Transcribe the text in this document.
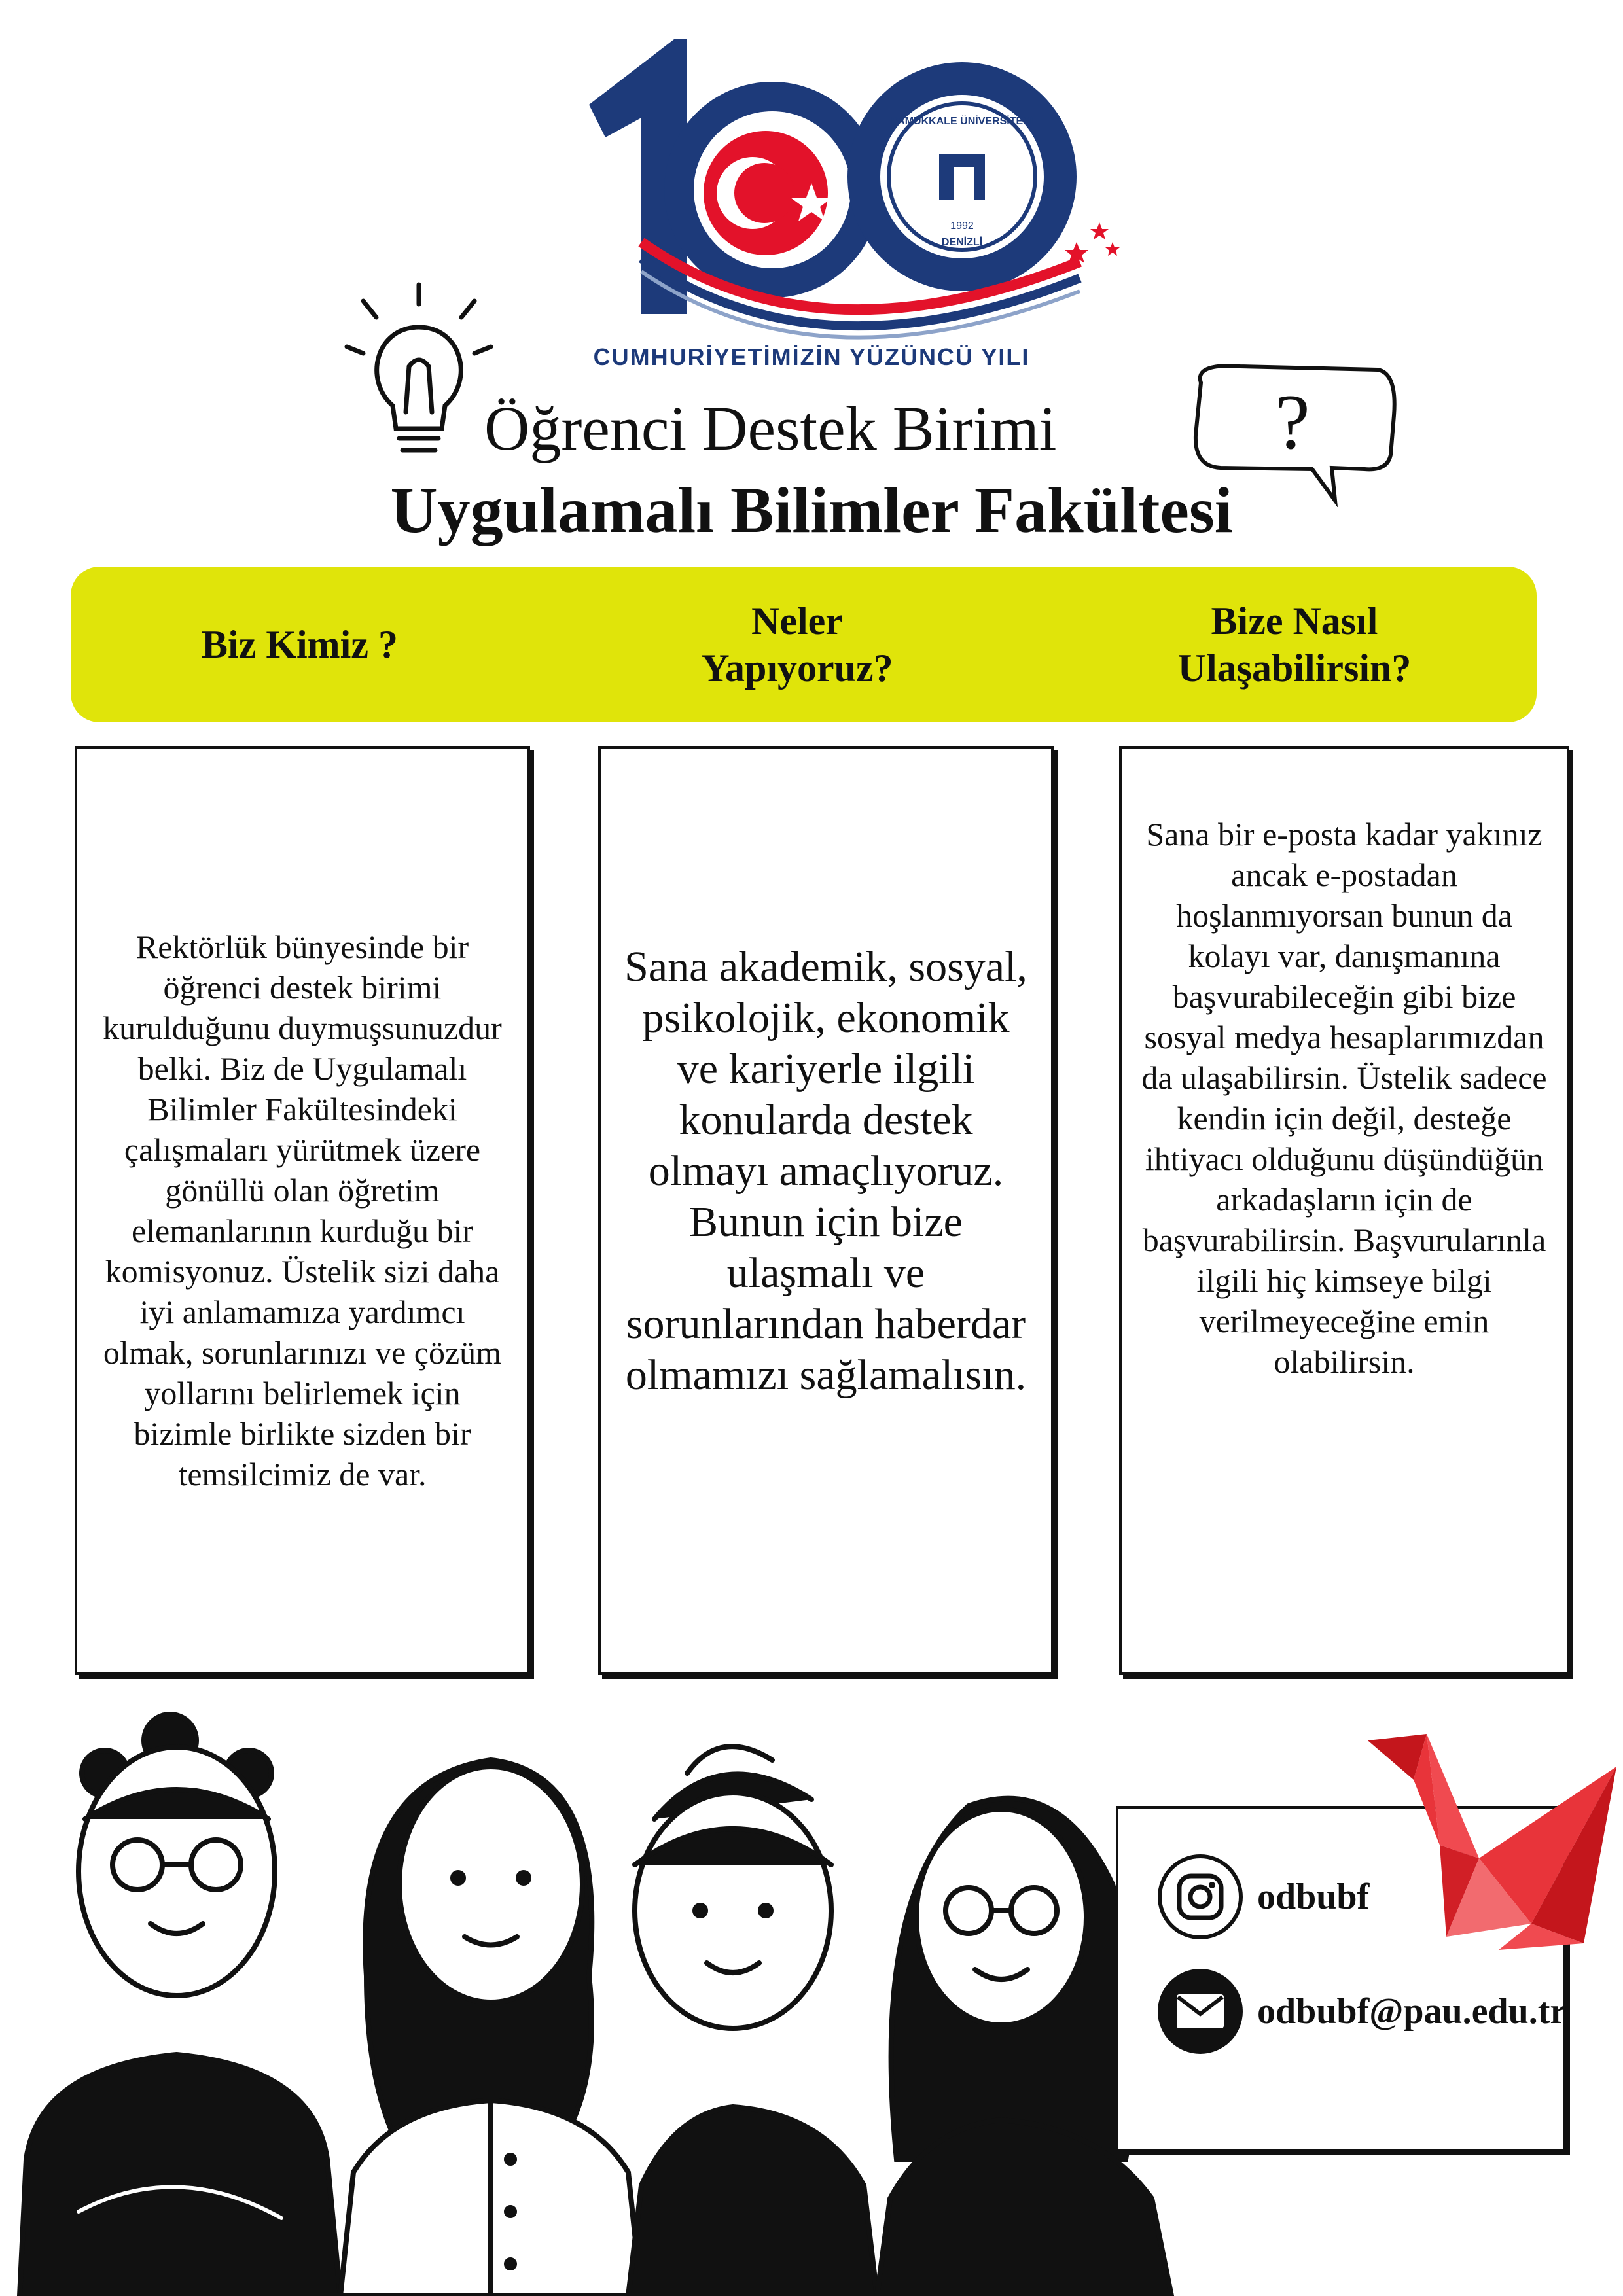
1992
PAMUKKALE ÜNİVERSİTESİ
DENİZLİ
CUMHURİYETİMİZİN YÜZÜNCÜ YILI
?
Öğrenci Destek Birimi
Uygulamalı Bilimler Fakültesi
Biz Kimiz ?
Neler Yapıyoruz?
Bize Nasıl Ulaşabilirsin?
Rektörlük bünyesinde bir öğrenci destek birimi kurulduğunu duymuşsunuzdur belki. Biz de Uygulamalı Bilimler Fakültesindeki çalışmaları yürütmek üzere gönüllü olan öğretim elemanlarının kurduğu bir komisyonuz. Üstelik sizi daha iyi anlamamıza yardımcı olmak, sorunlarınızı ve çözüm yollarını belirlemek için bizimle birlikte sizden bir temsilcimiz de var.
Sana akademik, sosyal, psikolojik, ekonomik ve kariyerle ilgili konularda destek olmayı amaçlıyoruz. Bunun için bize ulaşmalı ve sorunlarından haberdar olmamızı sağlamalısın.
Sana bir e-posta kadar yakınız ancak e-postadan hoşlanmıyorsan bunun da kolayı var, danışmanına başvurabileceğin gibi bize sosyal medya hesaplarımızdan da ulaşabilirsin. Üstelik sadece kendin için değil, desteğe ihtiyacı olduğunu düşündüğün arkadaşların için de başvurabilirsin. Başvurularınla ilgili hiç kimseye bilgi verilmeyeceğine emin olabilirsin.
odbubf
odbubf@pau.edu.tr
